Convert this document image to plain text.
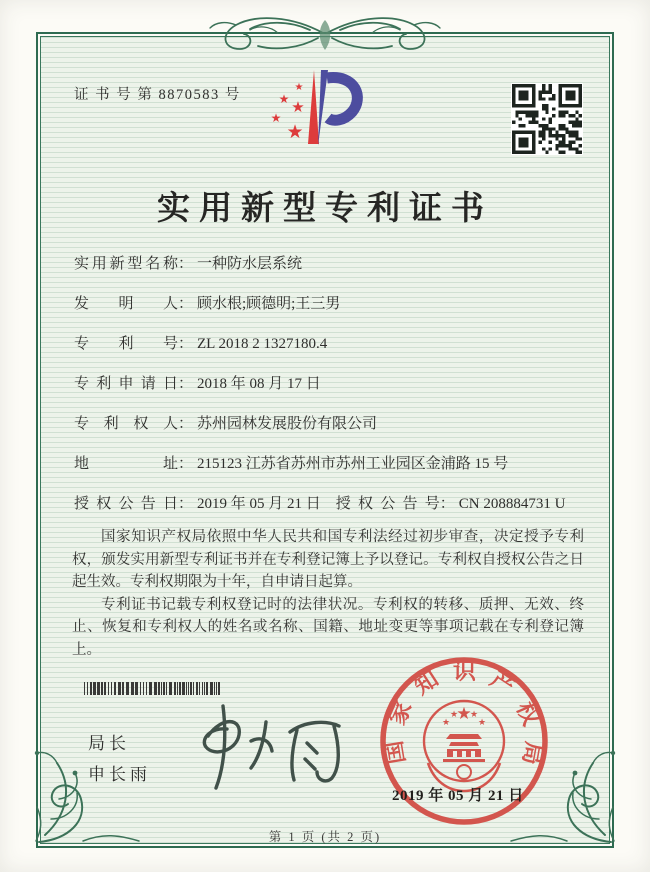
证 书 号 第 8870583 号	★
★
★
★
★
实用新型专利证书
实用新型名称： 一种防水层系统
发明人： 顾水根;顾德明;王三男
专利号： ZL 2018 2 1327180.4
专利申请日： 2018 年 08 月 17 日
专利权人： 苏州园林发展股份有限公司
地址： 215123 江苏省苏州市苏州工业园区金浦路 15 号
授权公告日： 2019 年 05 月 21 日 授权公告号： CN 208884731 U

国家知识产权局依照中华人民共和国专利法经过初步审查，决定授予专利权，颁发实用新型专利证书并在专利登记簿上予以登记。专利权自授权公告之日起生效。专利权期限为十年，自申请日起算。

专利证书记载专利权登记时的法律状况。专利权的转移、质押、无效、终止、恢复和专利权人的姓名或名称、国籍、地址变更等事项记载在专利登记簿上。

局长
申长雨
国家知识产权局
★
★
★ ★
★
2019 年 05 月 21 日
第 1 页 (共 2 页)
